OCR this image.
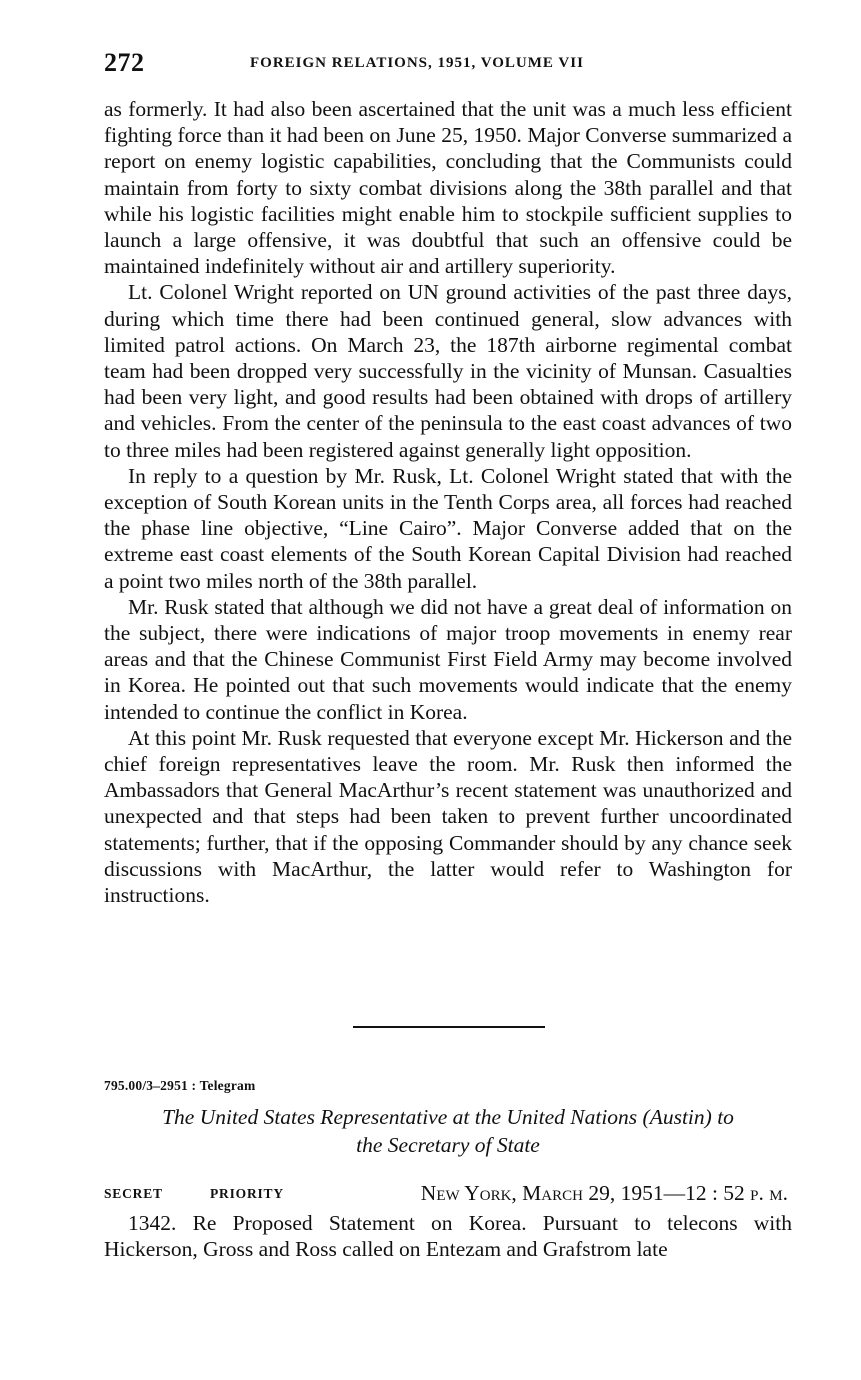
272	FOREIGN RELATIONS, 1951, VOLUME VII

as formerly. It had also been ascertained that the unit was a much less efficient fighting force than it had been on June 25, 1950. Major Converse summarized a report on enemy logistic capabilities, concluding that the Communists could maintain from forty to sixty combat divisions along the 38th parallel and that while his logistic facilities might enable him to stockpile sufficient supplies to launch a large offensive, it was doubtful that such an offensive could be maintained indefinitely without air and artillery superiority.

Lt. Colonel Wright reported on UN ground activities of the past three days, during which time there had been continued general, slow advances with limited patrol actions. On March 23, the 187th airborne regimental combat team had been dropped very successfully in the vicinity of Munsan. Casualties had been very light, and good results had been obtained with drops of artillery and vehicles. From the center of the peninsula to the east coast advances of two to three miles had been registered against generally light opposition.

In reply to a question by Mr. Rusk, Lt. Colonel Wright stated that with the exception of South Korean units in the Tenth Corps area, all forces had reached the phase line objective, “Line Cairo”. Major Converse added that on the extreme east coast elements of the South Korean Capital Division had reached a point two miles north of the 38th parallel.

Mr. Rusk stated that although we did not have a great deal of information on the subject, there were indications of major troop movements in enemy rear areas and that the Chinese Communist First Field Army may become involved in Korea. He pointed out that such movements would indicate that the enemy intended to continue the conflict in Korea.

At this point Mr. Rusk requested that everyone except Mr. Hickerson and the chief foreign representatives leave the room. Mr. Rusk then informed the Ambassadors that General MacArthur’s recent statement was unauthorized and unexpected and that steps had been taken to prevent further uncoordinated statements; further, that if the opposing Commander should by any chance seek discussions with MacArthur, the latter would refer to Washington for instructions.

795.00/3–2951 : Telegram
The United States Representative at the United Nations (Austin) to
the Secretary of State
SECRET	PRIORITY	New York, March 29, 1951—12 : 52 p. m.

1342. Re Proposed Statement on Korea. Pursuant to telecons with Hickerson, Gross and Ross called on Entezam and Grafstrom late
